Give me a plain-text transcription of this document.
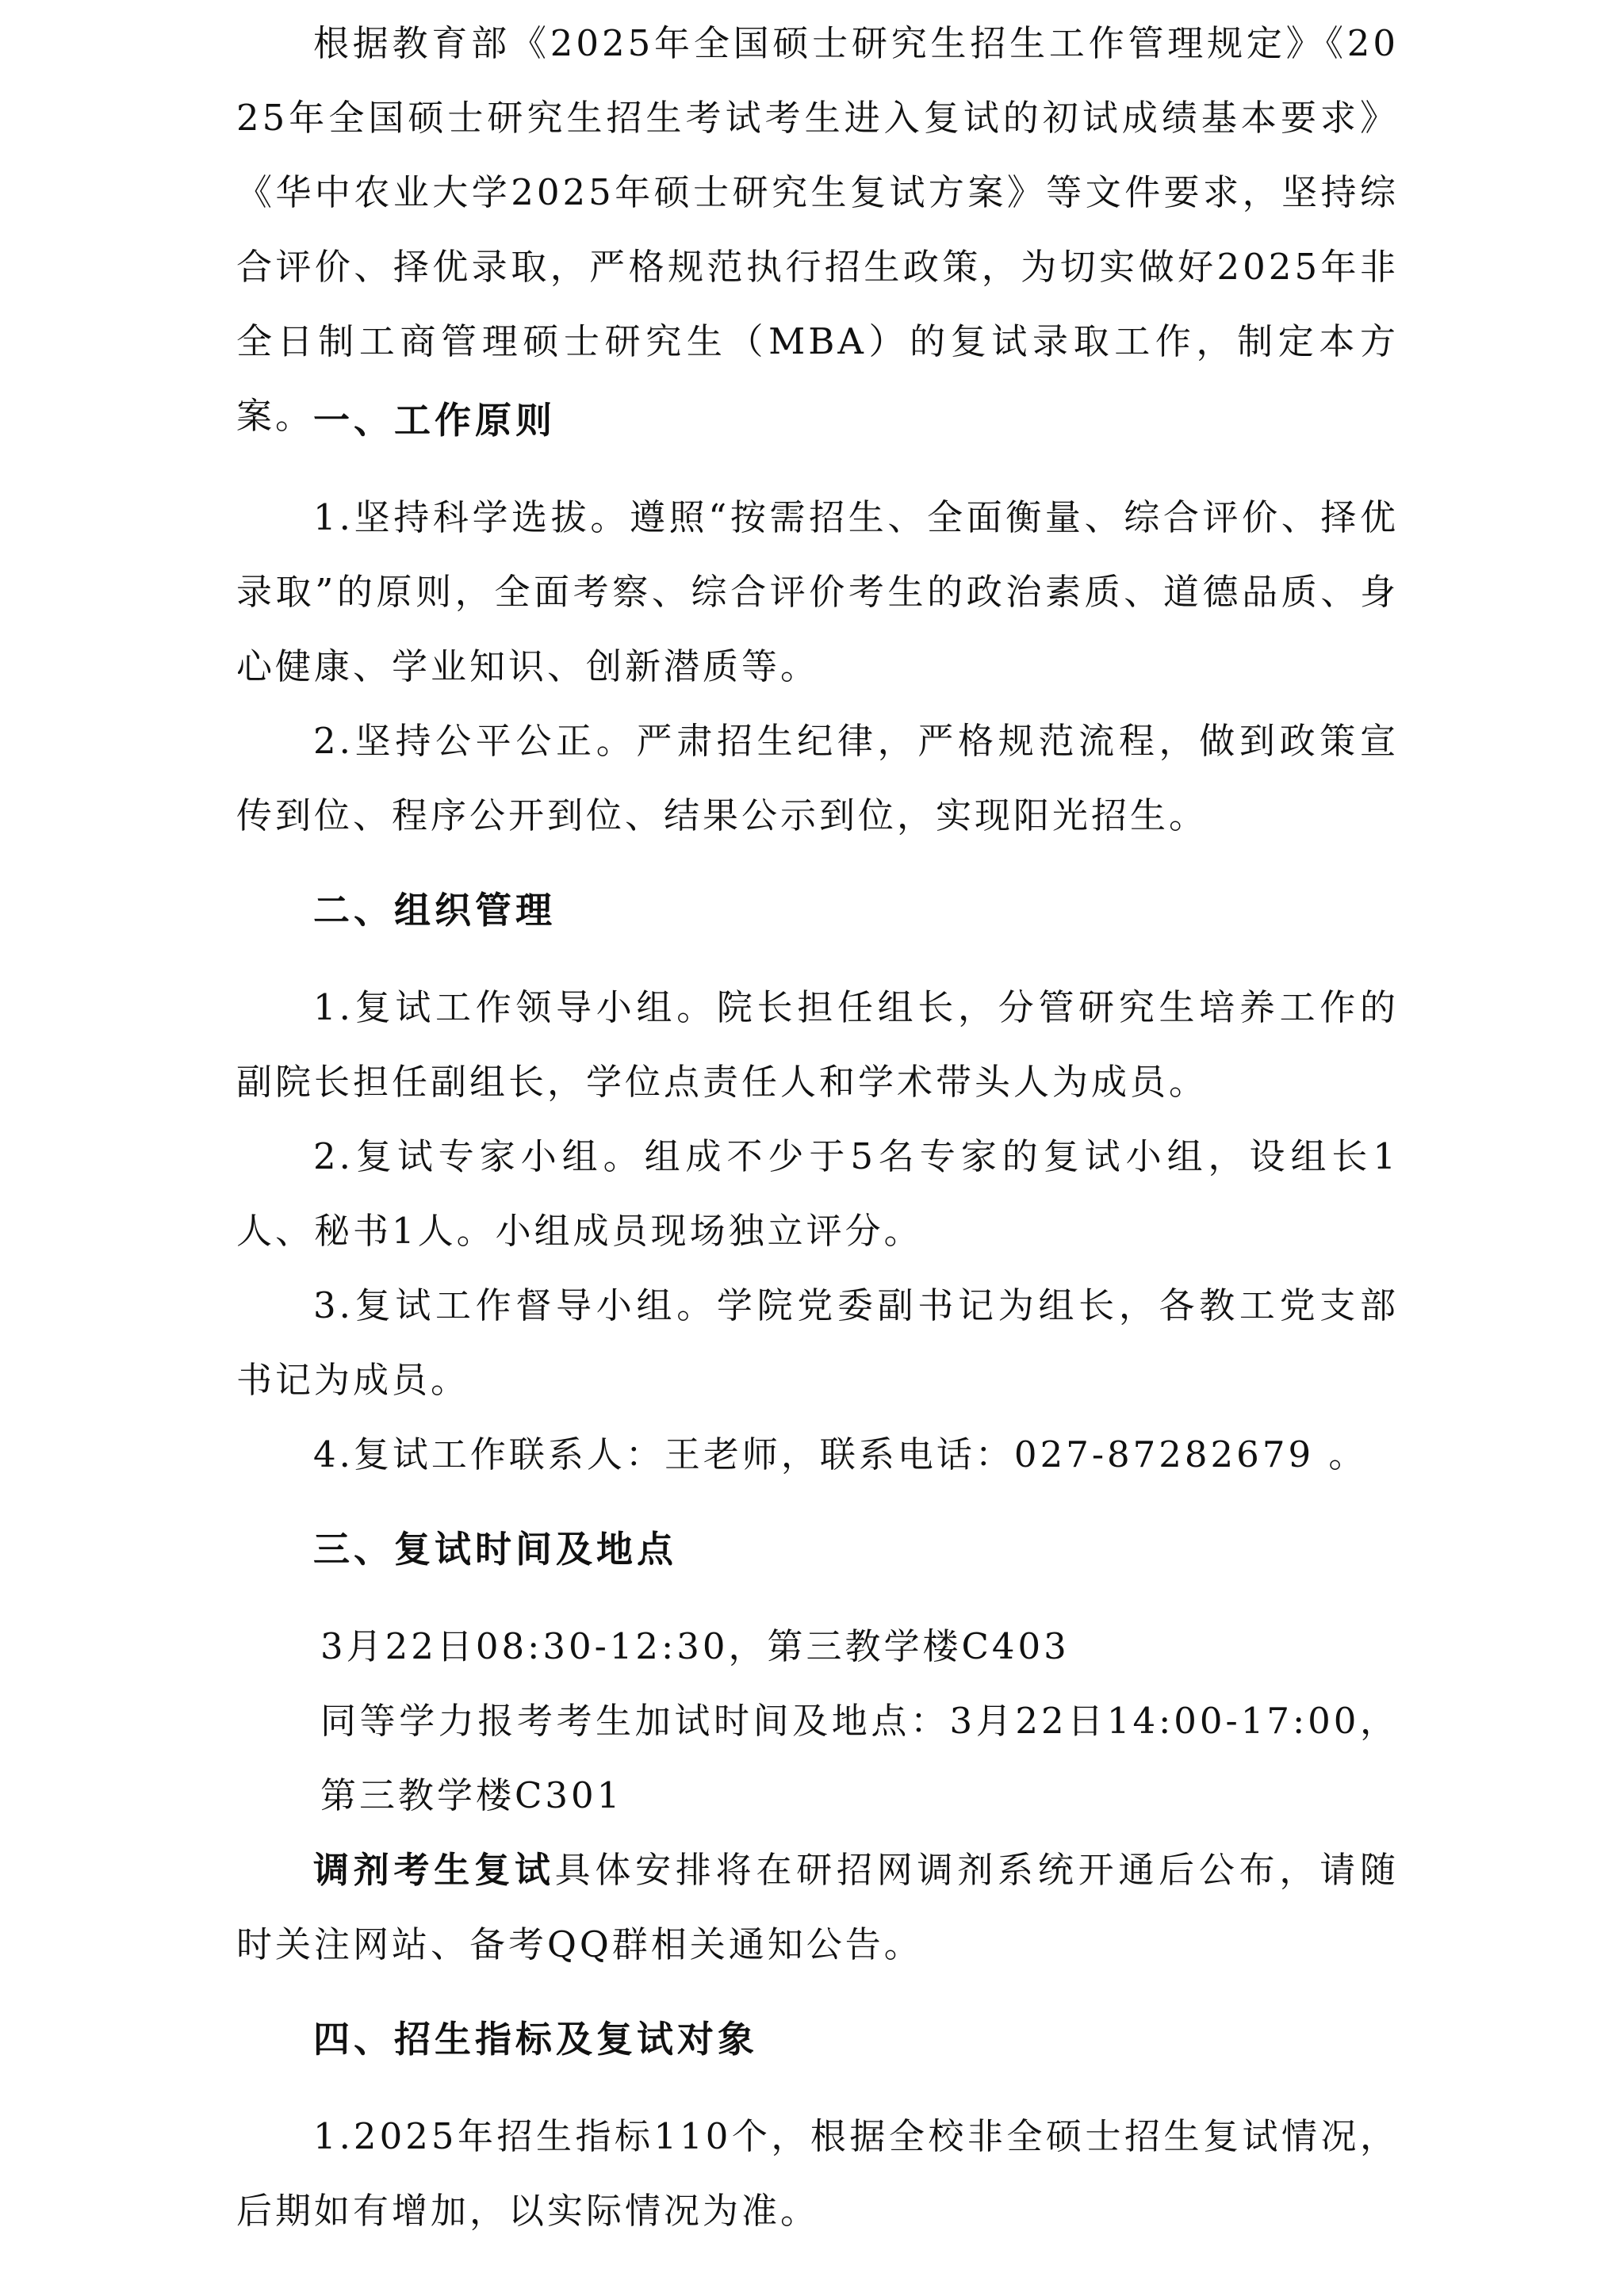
根据教育部《2025年全国硕士研究生招生工作管理规定》《2025年全国硕士研究生招生考试考生进入复试的初试成绩基本要求》《华中农业大学2025年硕士研究生复试方案》等文件要求，坚持综合评价、择优录取，严格规范执行招生政策，为切实做好2025年非全日制工商管理硕士研究生（MBA）的复试录取工作，制定本方案。
一、工作原则
1.坚持科学选拔。遵照“按需招生、全面衡量、综合评价、择优录取”的原则，全面考察、综合评价考生的政治素质、道德品质、身心健康、学业知识、创新潜质等。
2.坚持公平公正。严肃招生纪律，严格规范流程，做到政策宣传到位、程序公开到位、结果公示到位，实现阳光招生。
二、组织管理
1.复试工作领导小组。院长担任组长，分管研究生培养工作的副院长担任副组长，学位点责任人和学术带头人为成员。
2.复试专家小组。组成不少于5名专家的复试小组，设组长1人、秘书1人。小组成员现场独立评分。
3.复试工作督导小组。学院党委副书记为组长，各教工党支部书记为成员。
4.复试工作联系人：王老师，联系电话：027-87282679 。
三、复试时间及地点
3月22日08:30-12:30，第三教学楼C403
同等学力报考考生加试时间及地点：3月22日14:00-17:00，第三教学楼C301
调剂考生复试具体安排将在研招网调剂系统开通后公布，请随时关注网站、备考QQ群相关通知公告。
四、招生指标及复试对象
1.2025年招生指标110个，根据全校非全硕士招生复试情况，后期如有增加，以实际情况为准。
